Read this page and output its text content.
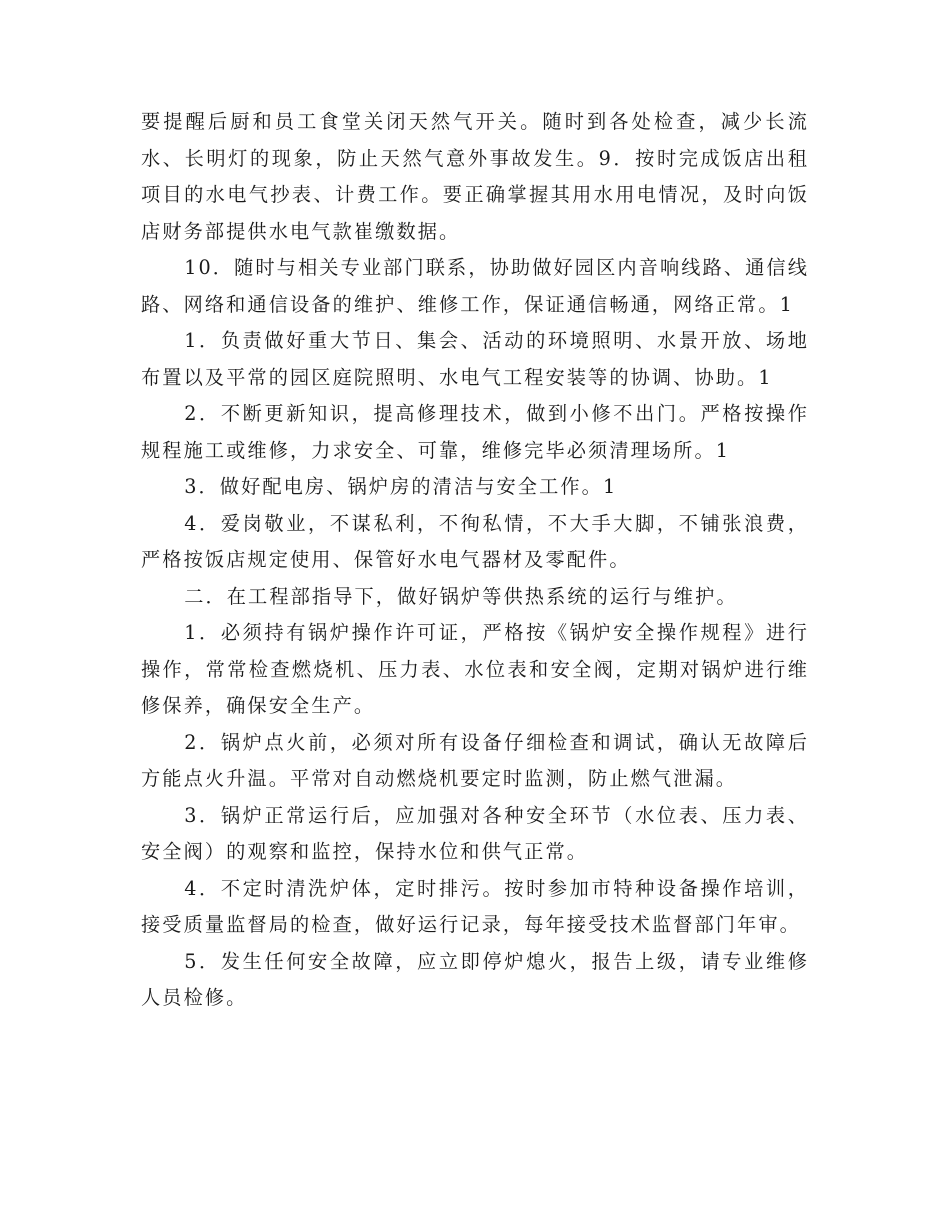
要提醒后厨和员工食堂关闭天然气开关。随时到各处检查，减少长流水、长明灯的现象，防止天然气意外事故发生。9．按时完成饭店出租项目的水电气抄表、计费工作。要正确掌握其用水用电情况，及时向饭店财务部提供水电气款崔缴数据。

10．随时与相关专业部门联系，协助做好园区内音响线路、通信线路、网络和通信设备的维护、维修工作，保证通信畅通，网络正常。1

1．负责做好重大节日、集会、活动的环境照明、水景开放、场地布置以及平常的园区庭院照明、水电气工程安装等的协调、协助。1

2．不断更新知识，提高修理技术，做到小修不出门。严格按操作规程施工或维修，力求安全、可靠，维修完毕必须清理场所。1

3．做好配电房、锅炉房的清洁与安全工作。1

4．爱岗敬业，不谋私利，不徇私情，不大手大脚，不铺张浪费，严格按饭店规定使用、保管好水电气器材及零配件。

二．在工程部指导下，做好锅炉等供热系统的运行与维护。

1．必须持有锅炉操作许可证，严格按《锅炉安全操作规程》进行操作，常常检查燃烧机、压力表、水位表和安全阀，定期对锅炉进行维修保养，确保安全生产。

2．锅炉点火前，必须对所有设备仔细检查和调试，确认无故障后方能点火升温。平常对自动燃烧机要定时监测，防止燃气泄漏。

3．锅炉正常运行后，应加强对各种安全环节（水位表、压力表、安全阀）的观察和监控，保持水位和供气正常。

4．不定时清洗炉体，定时排污。按时参加市特种设备操作培训，接受质量监督局的检查，做好运行记录，每年接受技术监督部门年审。

5．发生任何安全故障，应立即停炉熄火，报告上级，请专业维修人员检修。
